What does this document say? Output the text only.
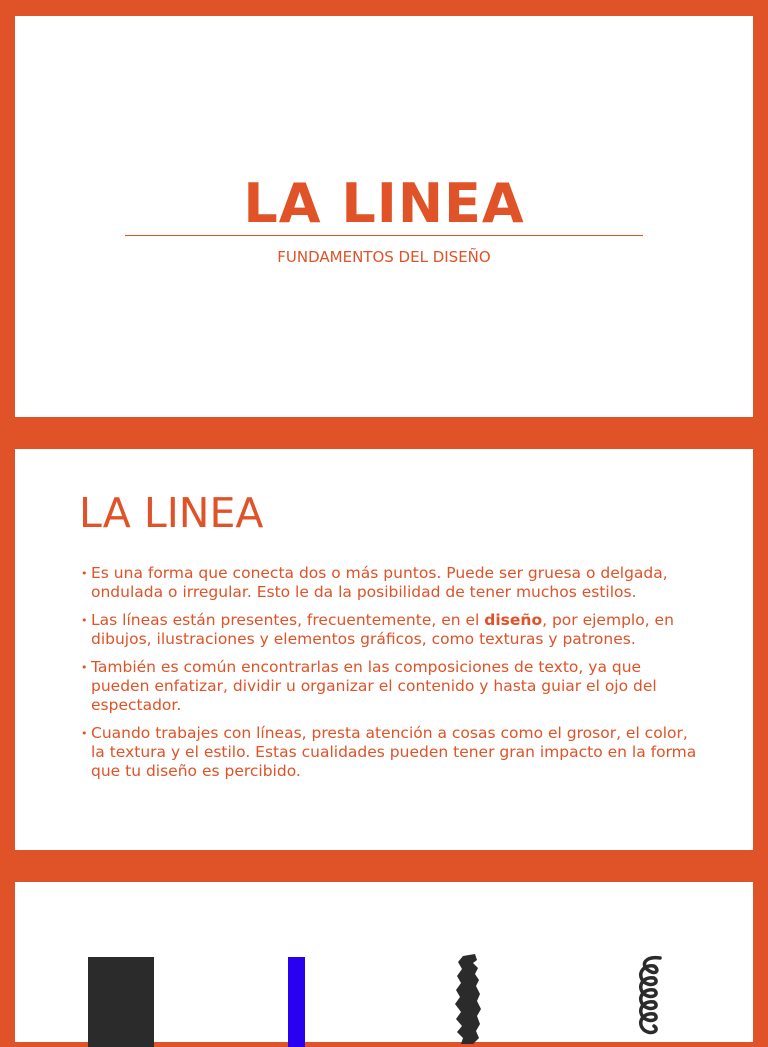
LA LINEA
FUNDAMENTOS DEL DISEÑO
LA LINEA
• Es una forma que conecta dos o más puntos. Puede ser gruesa o delgada, ondulada o irregular. Esto le da la posibilidad de tener muchos estilos.
• Las líneas están presentes, frecuentemente, en el diseño, por ejemplo, en dibujos, ilustraciones y elementos gráficos, como texturas y patrones.
• También es común encontrarlas en las composiciones de texto, ya que pueden enfatizar, dividir u organizar el contenido y hasta guiar el ojo del espectador.
• Cuando trabajes con líneas, presta atención a cosas como el grosor, el color, la textura y el estilo. Estas cualidades pueden tener gran impacto en la forma que tu diseño es percibido.
